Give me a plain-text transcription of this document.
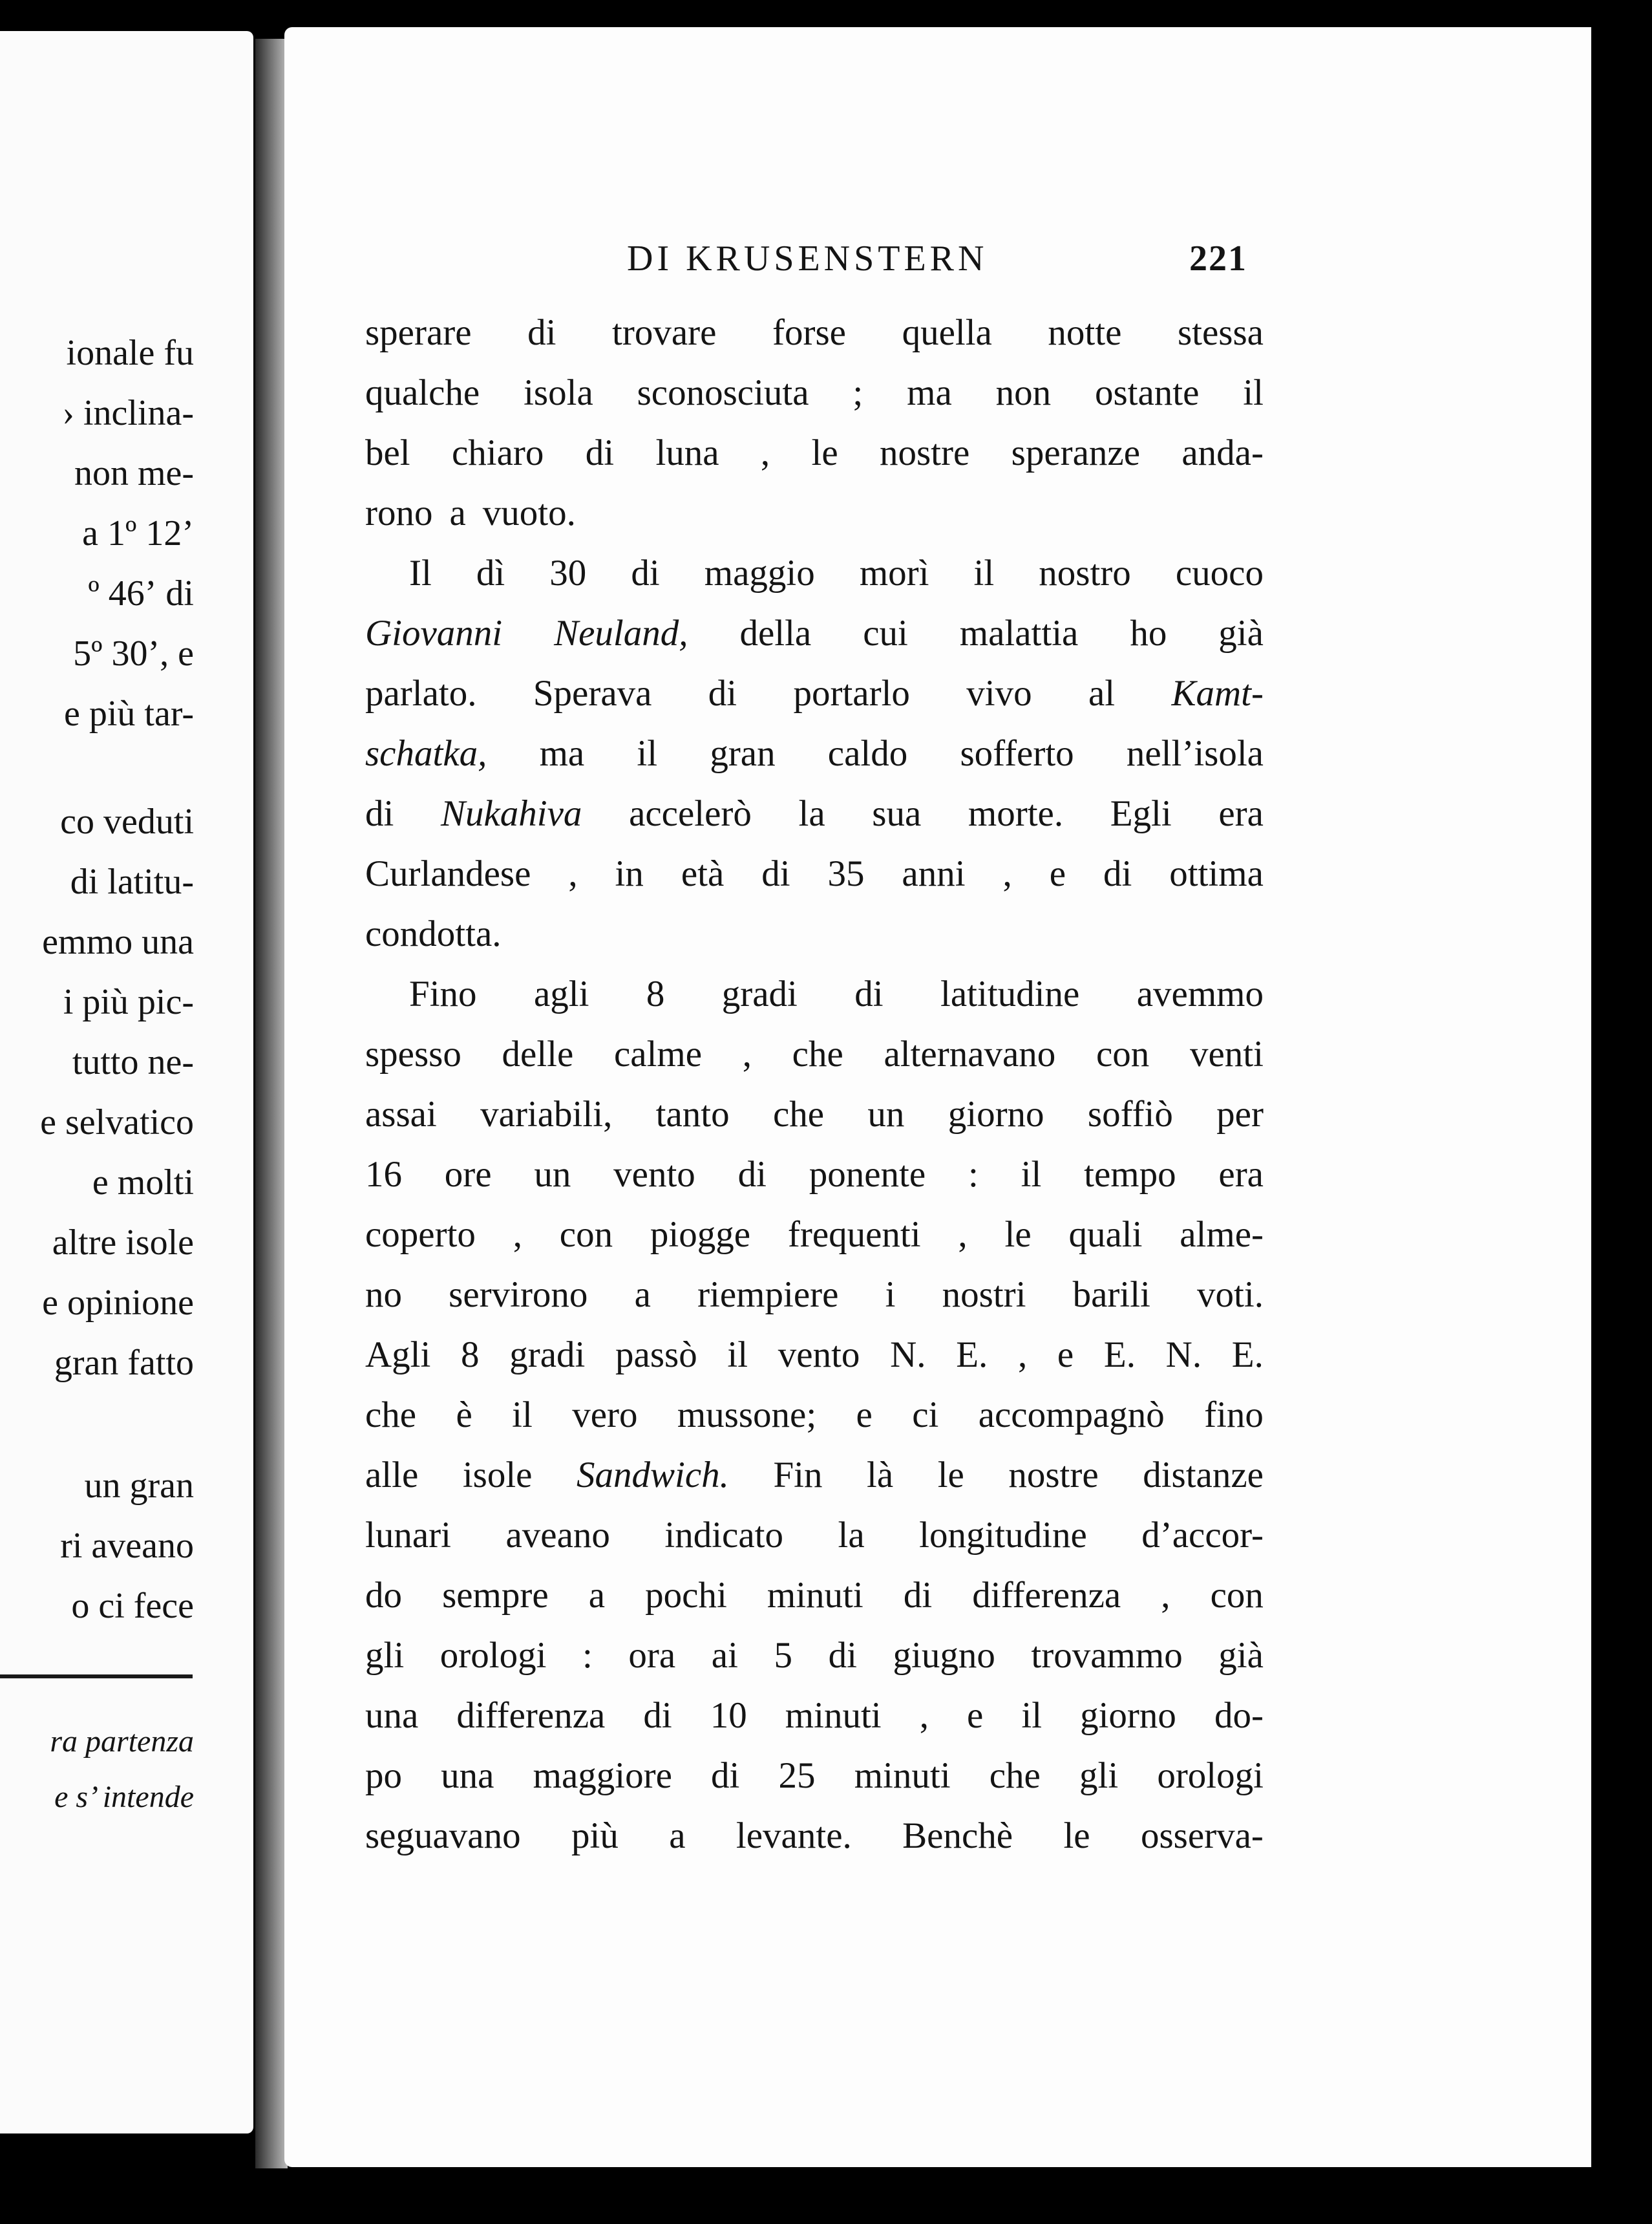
ionale fu
› inclina-
non me-
a 1º 12ʼ
º 46ʼ di
5º 30ʼ, e
e più tar-
co veduti
di latitu-
emmo una
i più pic-
tutto ne-
e selvatico
e molti
altre isole
e opinione
gran fatto
un gran
ri aveano
o ci fece
ra partenza
e s’ intende
DI KRUSENSTERN	221
sperare di trovare forse quella notte stessa
qualche isola sconosciuta ; ma non ostante il
bel chiaro di luna , le nostre speranze anda-
rono a vuoto.
Il dì 30 di maggio morì il nostro cuoco
Giovanni Neuland, della cui malattia ho già
parlato. Sperava di portarlo vivo al Kamt-
schatka, ma il gran caldo sofferto nell’isola
di Nukahiva accelerò la sua morte. Egli era
Curlandese , in età di 35 anni , e di ottima
condotta.
Fino agli 8 gradi di latitudine avemmo
spesso delle calme , che alternavano con venti
assai variabili, tanto che un giorno soffiò per
16 ore un vento di ponente : il tempo era
coperto , con piogge frequenti , le quali almе-
no servirono a riempiere i nostri barili voti.
Agli 8 gradi passò il vento N. E. , e E. N. E.
che è il vero mussone; e ci accompagnò fino
alle isole Sandwich. Fin là le nostre distanze
lunari aveano indicato la longitudine d’accor-
do sempre a pochi minuti di differenza , con
gli orologi : ora ai 5 di giugno trovammo già
una differenza di 10 minuti , e il giorno do-
po una maggiore di 25 minuti che gli orologi
seguavano più a levante. Benchè le osserva-
